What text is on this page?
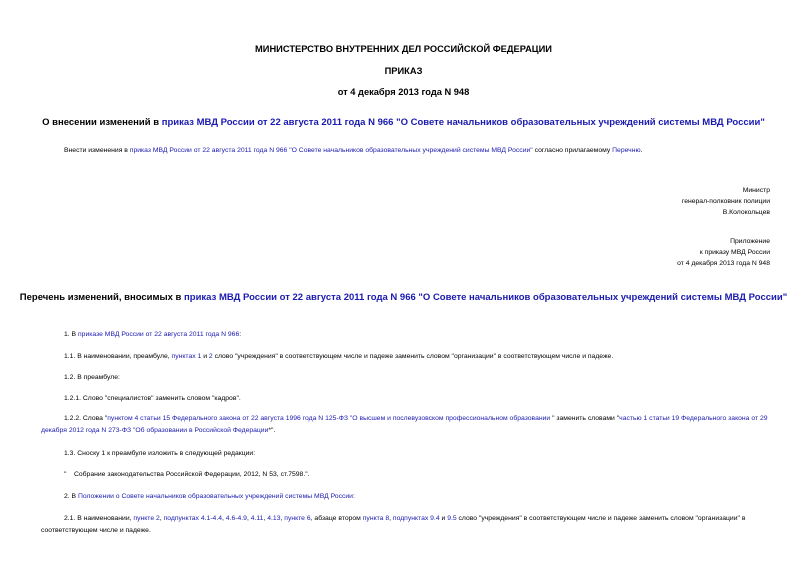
МИНИСТЕРСТВО ВНУТРЕННИХ ДЕЛ РОССИЙСКОЙ ФЕДЕРАЦИИ
ПРИКАЗ
от 4 декабря 2013 года N 948
О внесении изменений в приказ МВД России от 22 августа 2011 года N 966 "О Совете начальников образовательных учреждений системы МВД России"
Внести изменения в приказ МВД России от 22 августа 2011 года N 966 "О Совете начальников образовательных учреждений системы МВД России" согласно прилагаемому Перечню.
Министр
генерал-полковник полиции
В.Колокольцев
Приложение
к приказу МВД России
от 4 декабря 2013 года N 948
Перечень изменений, вносимых в приказ МВД России от 22 августа 2011 года N 966 "О Совете начальников образовательных учреждений системы МВД России"
1. В приказе МВД России от 22 августа 2011 года N 966:
1.1. В наименовании, преамбуле, пунктах 1 и 2 слово "учреждения" в соответствующем числе и падеже заменить словом "организации" в соответствующем числе и падеже.
1.2. В преамбуле:
1.2.1. Слово "специалистов" заменить словом "кадров".
1.2.2. Слова "пунктом 4 статьи 15 Федерального закона от 22 августа 1996 года N 125-ФЗ "О высшем и послевузовском профессиональном образовании " заменить словами "частью 1 статьи 19 Федерального закона от 29 декабря 2012 года N 273-ФЗ "Об образовании в Российской Федерации*".
1.3. Сноску 1 к преамбуле изложить в следующей редакции:
"    Собрание законодательства Российской Федерации, 2012, N 53, ст.7598.".
2. В Положении о Совете начальников образовательных учреждений системы МВД России:
2.1. В наименовании, пункте 2, подпунктах 4.1-4.4, 4.6-4.9, 4.11, 4.13, пункте 6, абзаце втором пункта 8, подпунктах 9.4 и 9.5 слово "учреждения" в соответствующем числе и падеже заменить словом "организации" в соответствующем числе и падеже.
